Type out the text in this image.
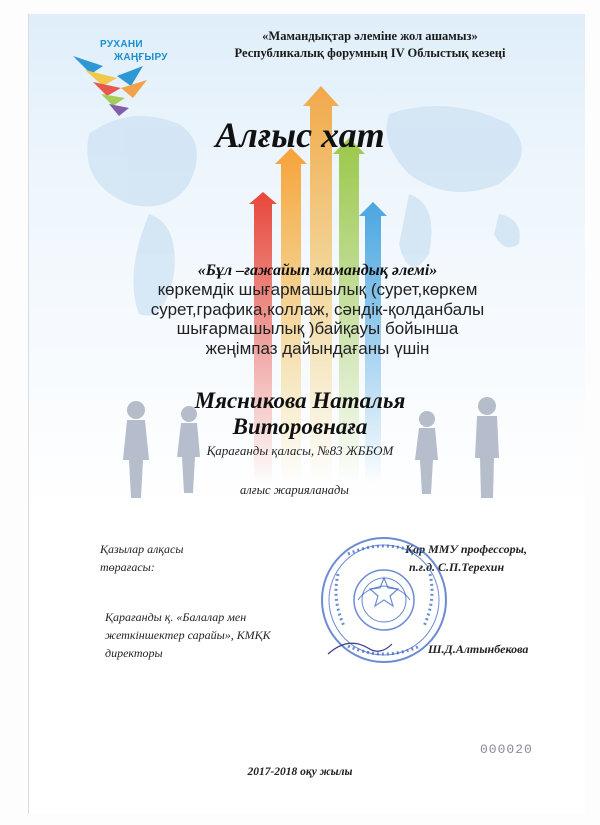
РУХАНИ
ЖАҢҒЫРУ
«Мамандықтар әлеміне жол ашамыз»
Республикалық форумның IV Облыстық кезеңі
Алғыс хат
«Бұл –ғажайып мамандық әлемі»
көркемдік шығармашылық (сурет,көркем
сурет,графика,коллаж, сәндік-қолданбалы
шығармашылық )байқауы бойынша
жеңімпаз дайындағаны үшін
Мясникова Наталья
Виторовнаға
Қарағанды қаласы, №83 ЖББОМ
алғыс жарияланады
Қазылар алқасы
төрағасы:
Қар ММУ профессоры,
п.ғ.д. С.П.Терехин
Қарағанды қ. «Балалар мен
жеткіншектер сарайы», КМҚК
директоры	Ш.Д.Алтынбекова
000020
2017-2018 оқу жылы
